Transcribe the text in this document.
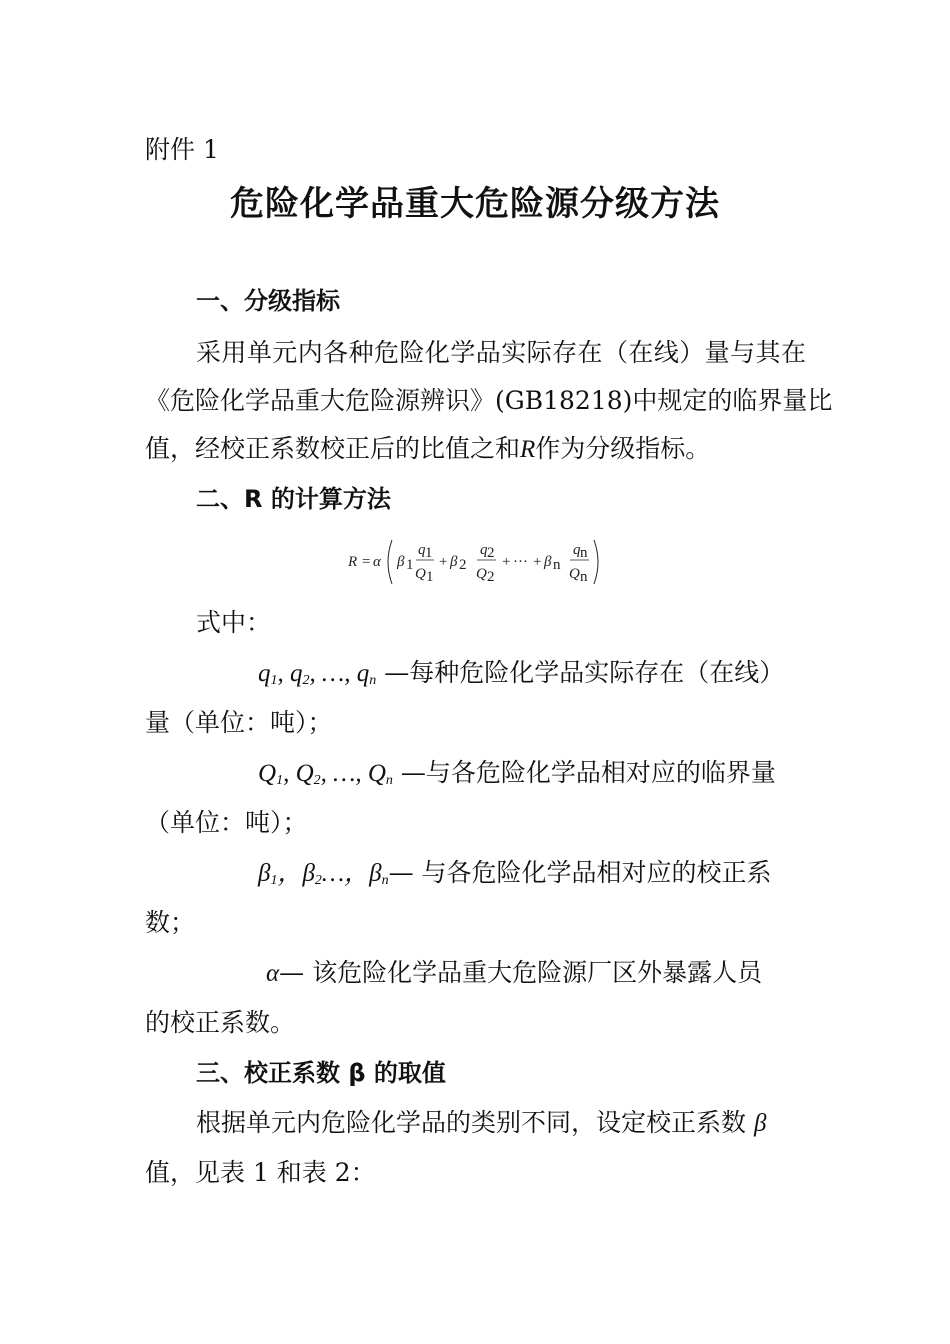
附件 1
危险化学品重大危险源分级方法
一、分级指标
采用单元内各种危险化学品实际存在（在线）量与其在
《危险化学品重大危险源辨识》(GB18218)中规定的临界量比
值，经校正系数校正后的比值之和R作为分级指标。
二、R 的计算方法
R = α β 1
q 1
Q 1
+ β 2
q 2
Q 2
+ ··· + β n
q n
Q n
式中：
$q_1$, $q_2$, …, $q_n$ —每种危险化学品实际存在（在线）
量（单位：吨）；
$Q_1$, $Q_2$, …, $Q_n$ —与各危险化学品相对应的临界量
（单位：吨）；
$\beta_1$，$\beta_2\dots$，$\beta_n—$ 与各危险化学品相对应的校正系
数；
α— 该危险化学品重大危险源厂区外暴露人员
的校正系数。
三、校正系数 β 的取值
根据单元内危险化学品的类别不同，设定校正系数 β
值，见表 1 和表 2：
